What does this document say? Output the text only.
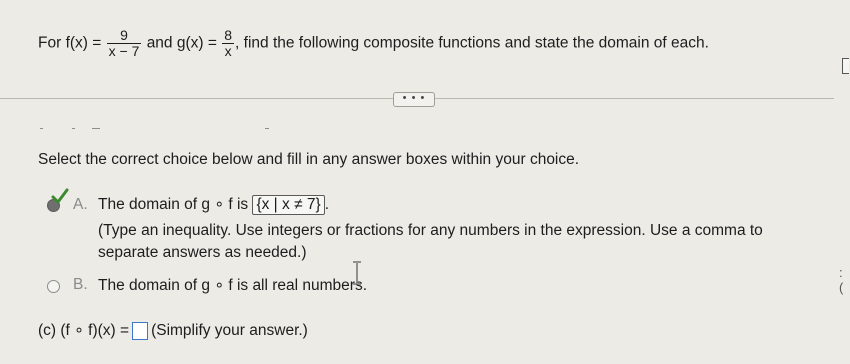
For $f(x) = \frac{9}{x - 7}$ and $g(x) = \frac{8}{x}$ , find the following composite functions and state the domain of each.
• • •
Select the correct choice below and fill in any answer boxes within your choice.
A. The domain of g ∘ f is {x | x ≠ 7} .
(Type an inequality. Use integers or fractions for any numbers in the expression. Use a comma to separate answers as needed.)
B. The domain of g ∘ f is all real numbers.
: (
(c) (f ∘ f)(x) = (Simplify your answer.)
